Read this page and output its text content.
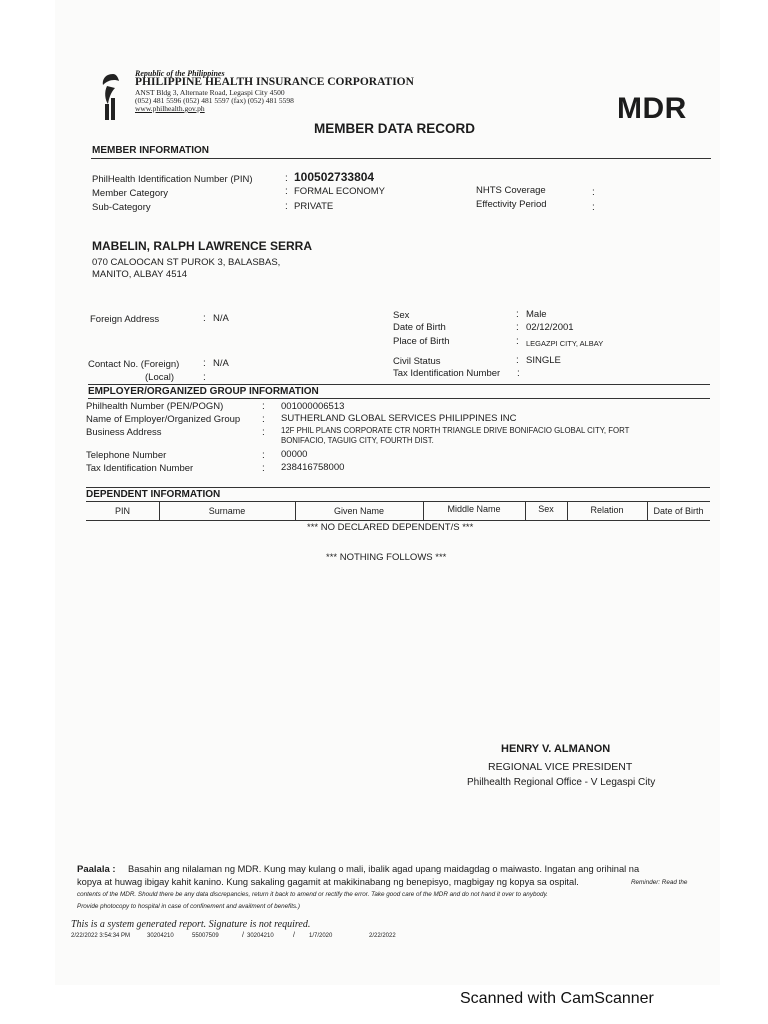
Republic of the Philippines
PHILIPPINE HEALTH INSURANCE CORPORATION
ANST Bldg 3, Alternate Road, Legaspi City 4500
(052) 481 5596 (052) 481 5597 (fax) (052) 481 5598
www.philhealth.gov.ph	MDR
MEMBER DATA RECORD
MEMBER INFORMATION
PhilHealth Identification Number (PIN)	: 100502733804
Member Category	: FORMAL ECONOMY
Sub-Category	: PRIVATE
NHTS Coverage	:
Effectivity Period	:
MABELIN, RALPH LAWRENCE SERRA
070 CALOOCAN ST PUROK 3, BALASBAS,
MANITO, ALBAY 4514
Foreign Address	: N/A	Sex	: Male
Date of Birth	: 02/12/2001
Place of Birth	: LEGAZPI CITY, ALBAY
Contact No. (Foreign) : N/A
(Local)	:
Civil Status	: SINGLE
Tax Identification Number :
EMPLOYER/ORGANIZED GROUP INFORMATION
Philhealth Number (PEN/POGN)	: 001000006513
Name of Employer/Organized Group : SUTHERLAND GLOBAL SERVICES PHILIPPINES INC
Business Address	: 12F PHIL PLANS CORPORATE CTR NORTH TRIANGLE DRIVE BONIFACIO GLOBAL CITY, FORT
BONIFACIO, TAGUIG CITY, FOURTH DIST.
Telephone Number	: 00000
Tax Identification Number	: 238416758000
DEPENDENT INFORMATION
PIN	Surname	Given Name	Middle Name	Sex	Relation	Date of Birth
*** NO DECLARED DEPENDENT/S ***
*** NOTHING FOLLOWS ***
HENRY V. ALMANON
REGIONAL VICE PRESIDENT
Philhealth Regional Office - V Legaspi City
Paalala : Basahin ang nilalaman ng MDR. Kung may kulang o mali, ibalik agad upang maidagdag o maiwasto. Ingatan ang orihinal na
kopya at huwag ibigay kahit kanino. Kung sakaling gagamit at makikinabang ng benepisyo, magbigay ng kopya sa ospital.	Reminder: Read the
contents of the MDR. Should there be any data discrepancies, return it back to amend or rectify the error. Take good care of the MDR and do not hand it over to anybody.
Provide photocopy to hospital in case of confinement and availment of benefits.)
This is a system generated report. Signature is not required.
2/22/2022 3:54:34 PM	30204210	55007509	/ 30204210	/ 1/7/2020	2/22/2022
Scanned with CamScanner
